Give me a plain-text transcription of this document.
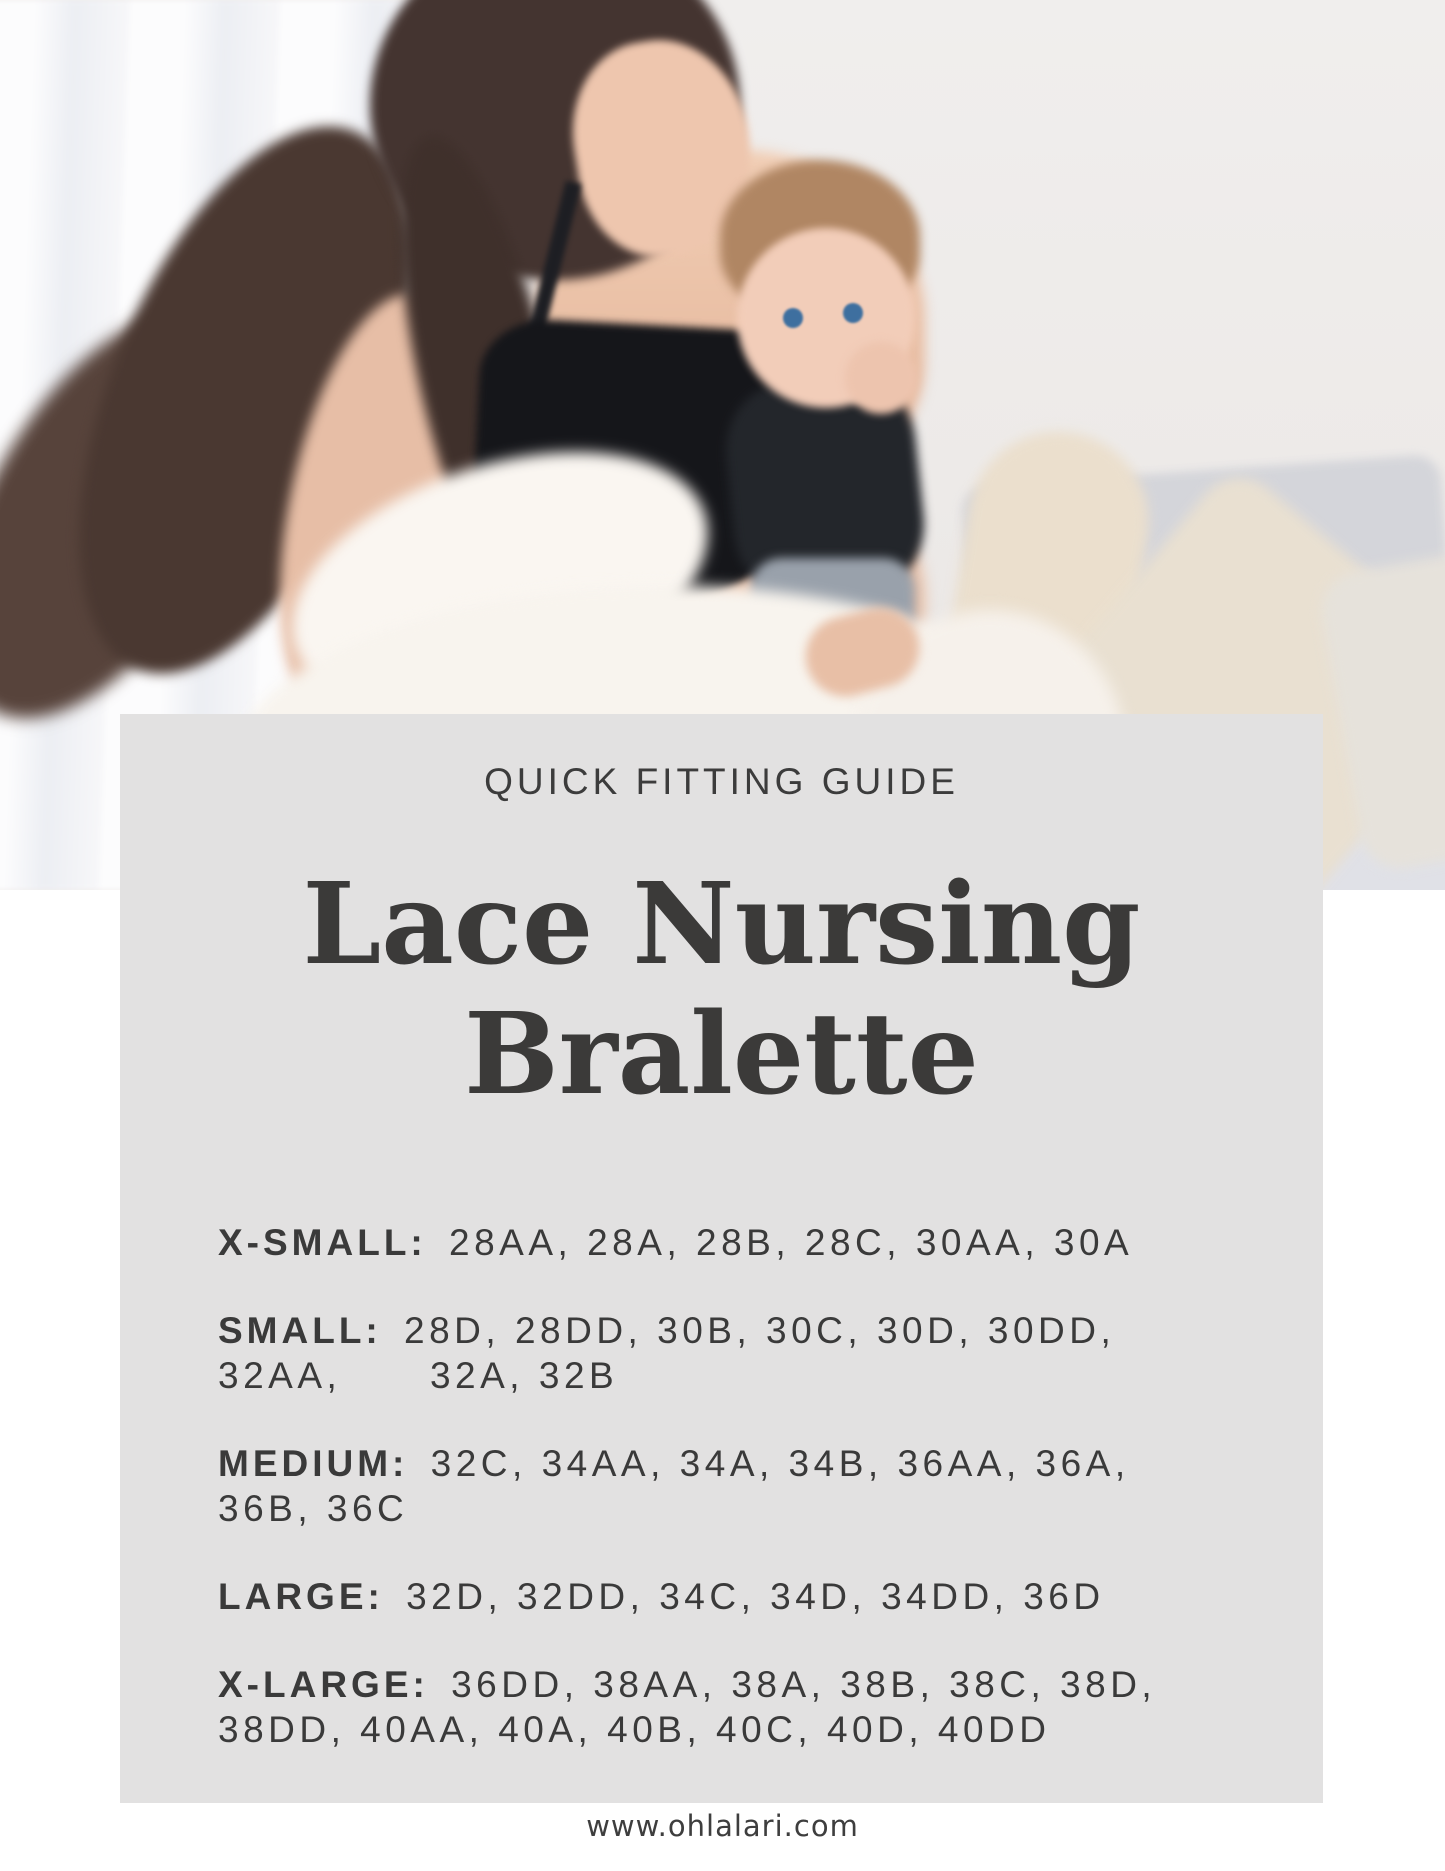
QUICK FITTING GUIDE
Lace Nursing
Bralette

X-SMALL: 28AA, 28A, 28B, 28C, 30AA, 30A

SMALL: 28D, 28DD, 30B, 30C, 30D, 30DD,
32AA,      32A, 32B

MEDIUM: 32C, 34AA, 34A, 34B, 36AA, 36A,
36B, 36C

LARGE: 32D, 32DD, 34C, 34D, 34DD, 36D

X-LARGE: 36DD, 38AA, 38A, 38B, 38C, 38D,
38DD, 40AA, 40A, 40B, 40C, 40D, 40DD

www.ohlalari.com
